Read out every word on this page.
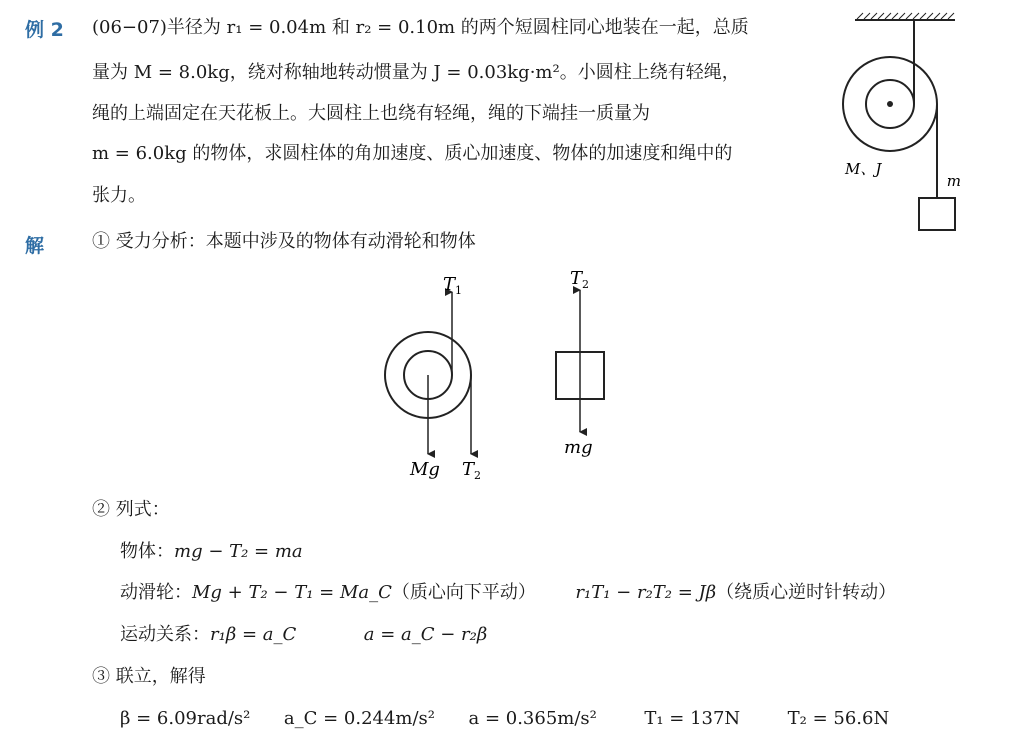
例 2 (06−07)半径为 r₁ = 0.04m 和 r₂ = 0.10m 的两个短圆柱同心地装在一起，总质
量为 M = 8.0kg，绕对称轴地转动惯量为 J = 0.03kg·m²。小圆柱上绕有轻绳，
绳的上端固定在天花板上。大圆柱上也绕有轻绳，绳的下端挂一质量为
m = 6.0kg 的物体，求圆柱体的角加速度、质心加速度、物体的加速度和绳中的
张力。
M、J
m
解	① 受力分析：本题中涉及的物体有动滑轮和物体
$T_1$
Mg $T_2$
$T_2$
mg
② 列式：
物体：mg − T₂ = ma
动滑轮：Mg + T₂ − T₁ = Ma_C（质心向下平动） r₁T₁ − r₂T₂ = Jβ（绕质心逆时针转动）
运动关系：r₁β = a_C	a = a_C − r₂β
③ 联立，解得
β = 6.09rad/s² a_C = 0.244m/s² a = 0.365m/s²	T₁ = 137N	T₂ = 56.6N
